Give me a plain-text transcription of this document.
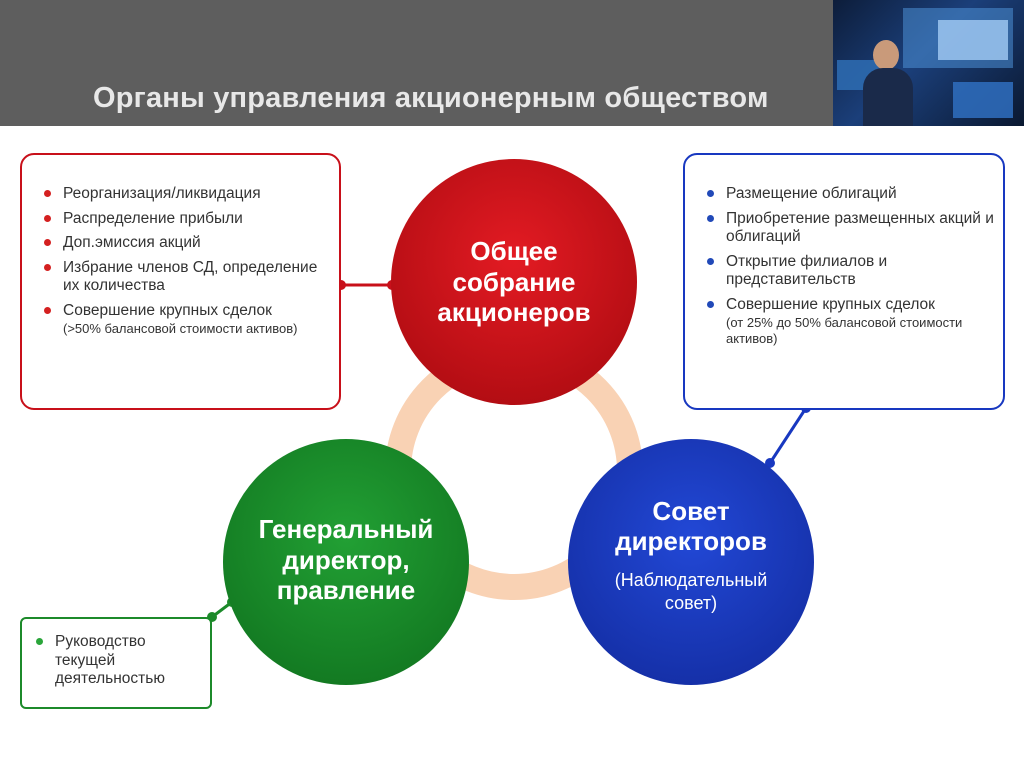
Органы управления акционерным обществом
Общее собрание акционеров
Генеральный директор, правление
Совет директоров
(Наблюдательный совет)
Реорганизация/ликвидация
Распределение прибыли
Доп.эмиссия акций
Избрание членов СД, определение их количества
Совершение крупных сделок
(>50% балансовой стоимости активов)
Размещение облигаций
Приобретение размещенных акций и облигаций
Открытие филиалов и представительств
Совершение крупных сделок
(от 25% до 50% балансовой стоимости активов)
Руководство текущей деятельностью
